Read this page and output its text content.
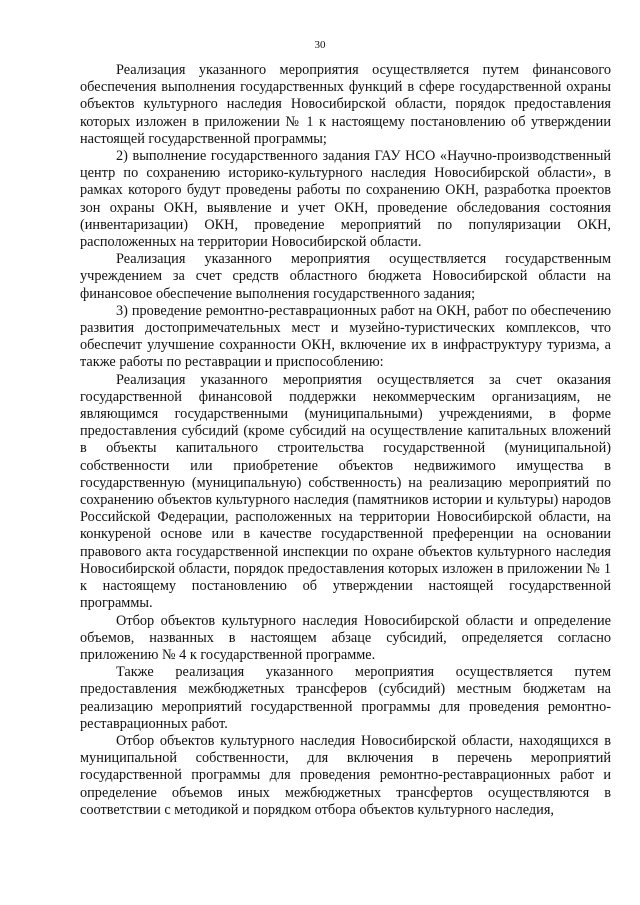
30

Реализация указанного мероприятия осуществляется путем финансового обеспечения выполнения государственных функций в сфере государственной охраны объектов культурного наследия Новосибирской области, порядок предоставления которых изложен в приложении № 1 к настоящему постановлению об утверждении настоящей государственной программы;

2) выполнение государственного задания ГАУ НСО «Научно-производственный центр по сохранению историко-культурного наследия Новосибирской области», в рамках которого будут проведены работы по сохранению ОКН, разработка проектов зон охраны ОКН, выявление и учет ОКН, проведение обследования состояния (инвентаризации) ОКН, проведение мероприятий по популяризации ОКН, расположенных на территории Новосибирской области.

Реализация указанного мероприятия осуществляется государственным учреждением за счет средств областного бюджета Новосибирской области на финансовое обеспечение выполнения государственного задания;

3) проведение ремонтно-реставрационных работ на ОКН, работ по обеспечению развития достопримечательных мест и музейно-туристических комплексов, что обеспечит улучшение сохранности ОКН, включение их в инфраструктуру туризма, а также работы по реставрации и приспособлению:

Реализация указанного мероприятия осуществляется за счет оказания государственной финансовой поддержки некоммерческим организациям, не являющимся государственными (муниципальными) учреждениями, в форме предоставления субсидий (кроме субсидий на осуществление капитальных вложений в объекты капитального строительства государственной (муниципальной) собственности или приобретение объектов недвижимого имущества в государственную (муниципальную) собственность) на реализацию мероприятий по сохранению объектов культурного наследия (памятников истории и культуры) народов Российской Федерации, расположенных на территории Новосибирской области, на конкуреной основе или в качестве государственной преференции на основании правового акта государственной инспекции по охране объектов культурного наследия Новосибирской области, порядок предоставления которых изложен в приложении № 1 к настоящему постановлению об утверждении настоящей государственной программы.

Отбор объектов культурного наследия Новосибирской области и определение объемов, названных в настоящем абзаце субсидий, определяется согласно приложению № 4 к государственной программе.

Также реализация указанного мероприятия осуществляется путем предоставления межбюджетных трансферов (субсидий) местным бюджетам на реализацию мероприятий государственной программы для проведения ремонтно-реставрационных работ.

Отбор объектов культурного наследия Новосибирской области, находящихся в муниципальной собственности, для включения в перечень мероприятий государственной программы для проведения ремонтно-реставрационных работ и определение объемов иных межбюджетных трансфертов осуществляются в соответствии с методикой и порядком отбора объектов культурного наследия,
